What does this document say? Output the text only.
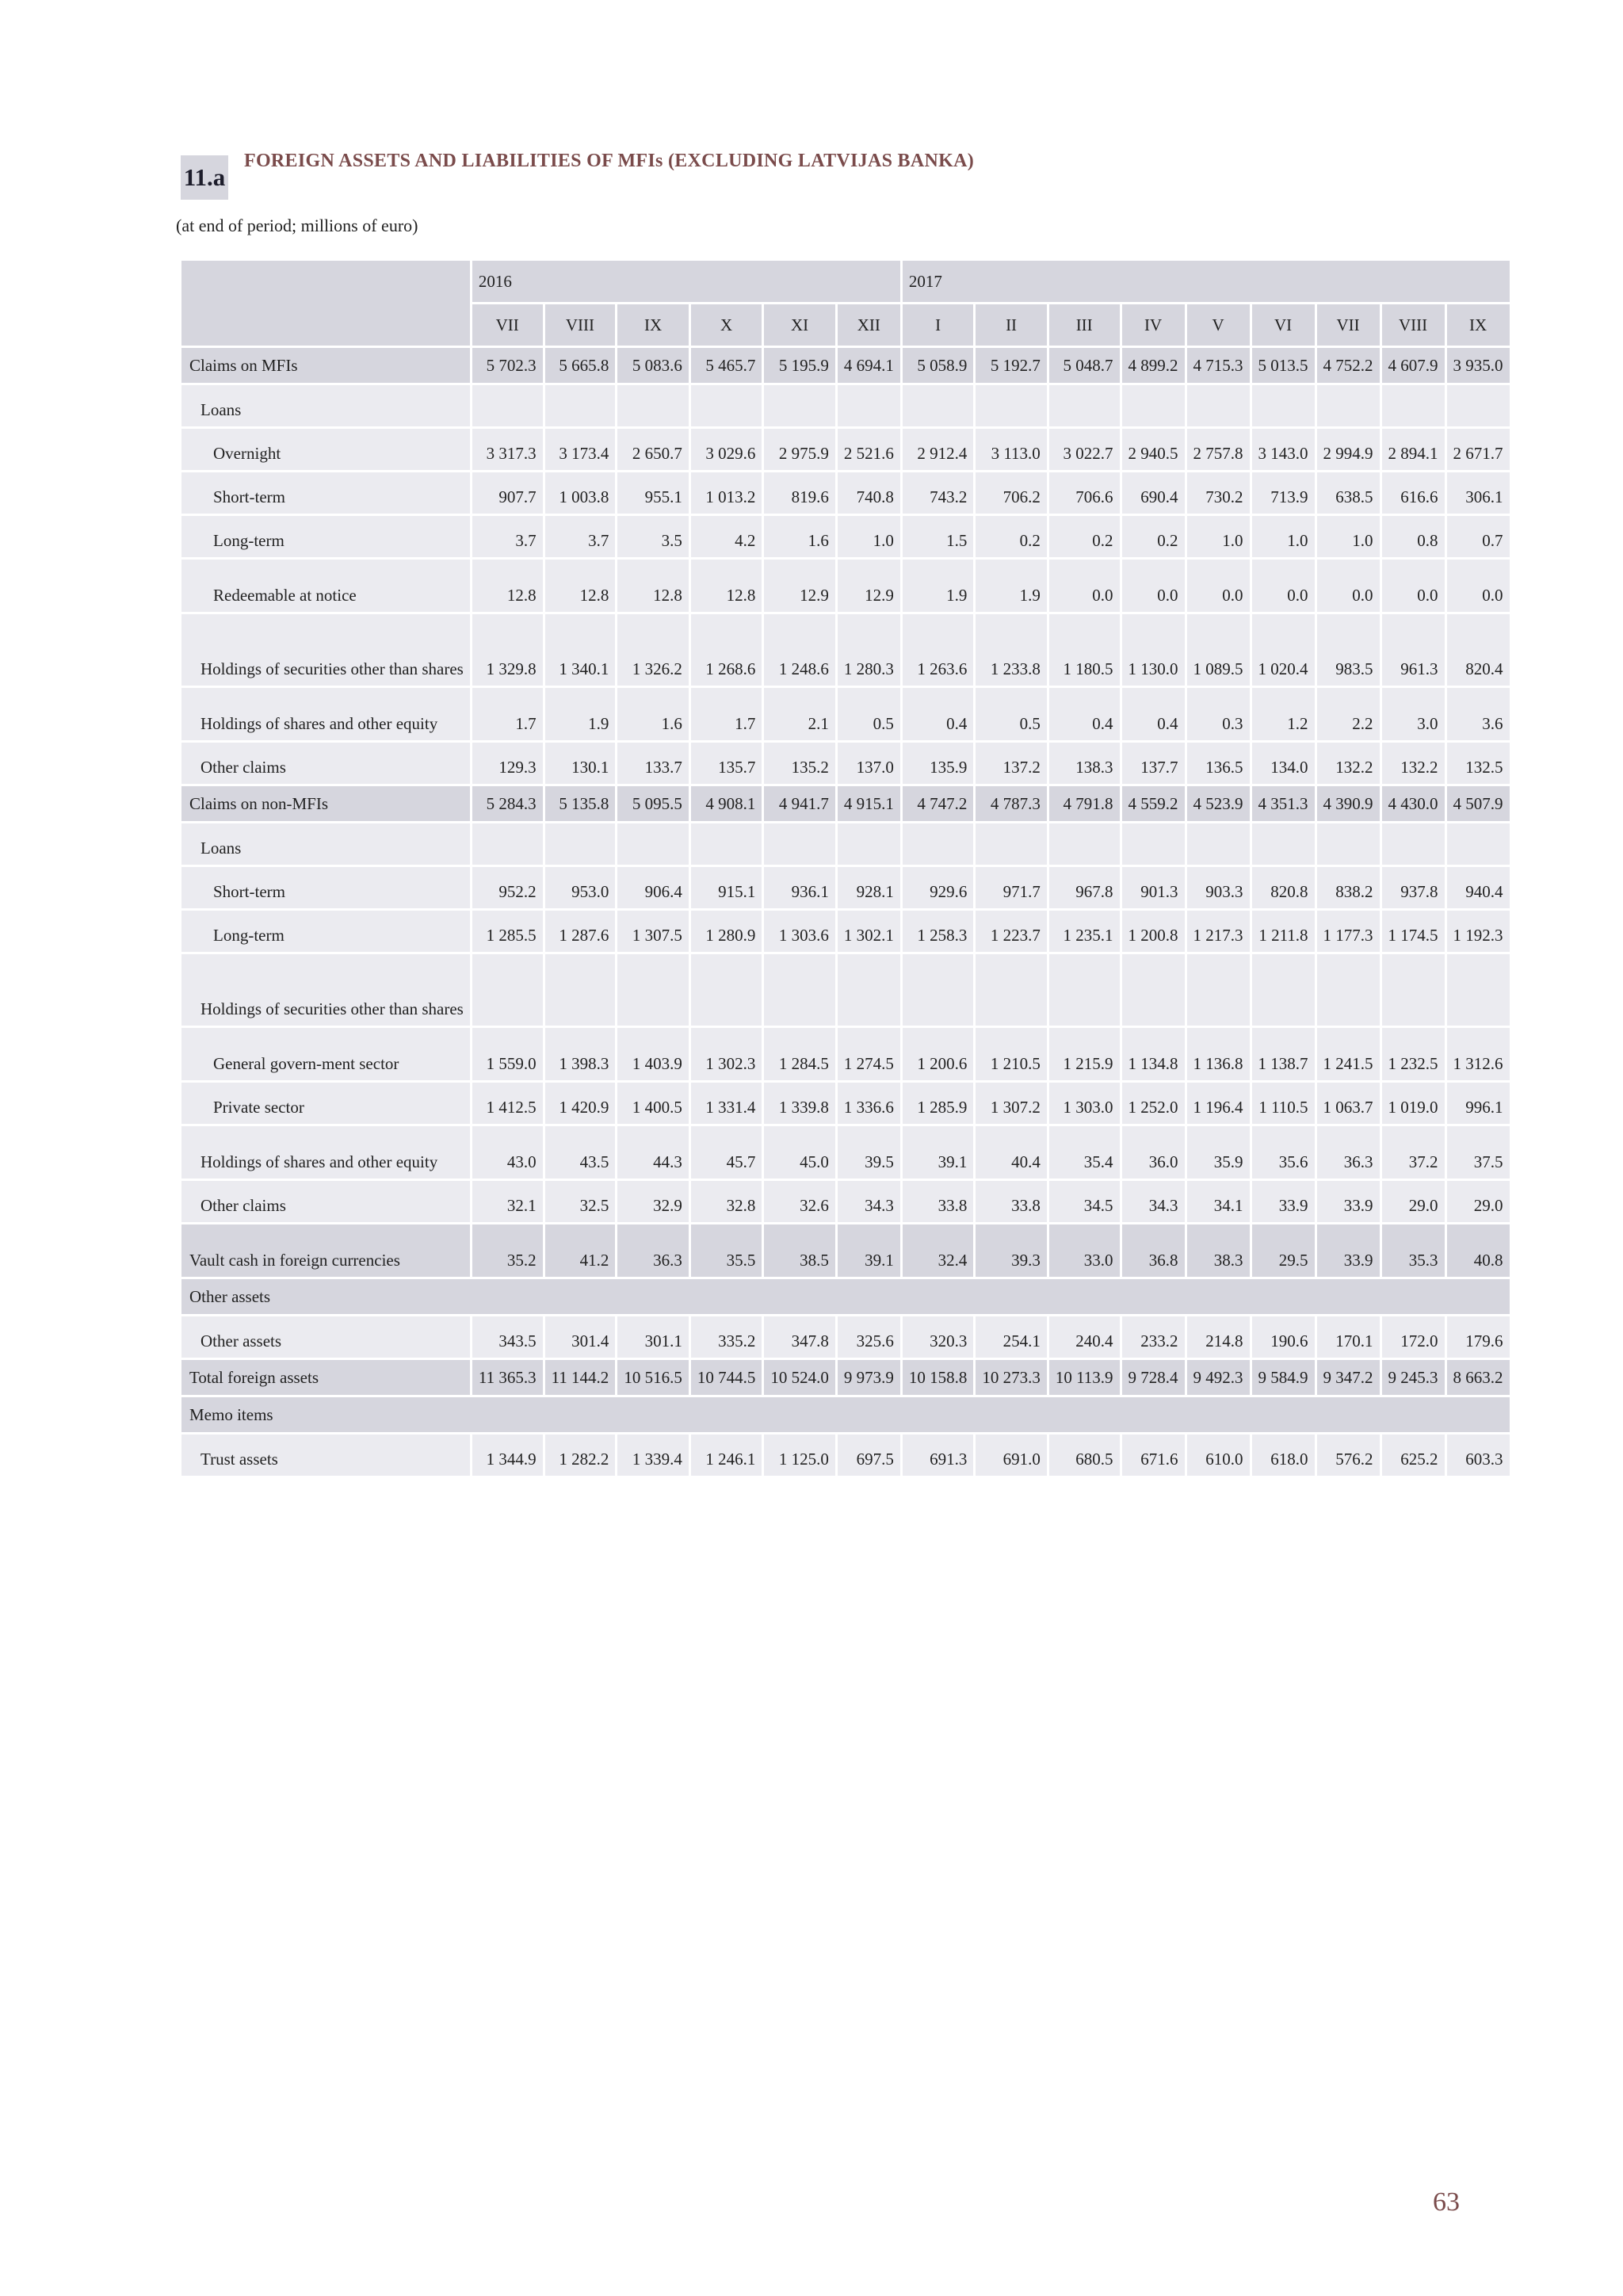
11.a
FOREIGN ASSETS AND LIABILITIES OF MFIs (EXCLUDING LATVIJAS BANKA)
(at end of period; millions of euro)
	2016						2017								
	VII	VIII	IX	X	XI	XII	I	II	III	IV	V	VI	VII	VIII	IX
Claims on MFIs	5 702.3	5 665.8	5 083.6	5 465.7	5 195.9	4 694.1	5 058.9	5 192.7	5 048.7	4 899.2	4 715.3	5 013.5	4 752.2	4 607.9	3 935.0
Loans															
Overnight	3 317.3	3 173.4	2 650.7	3 029.6	2 975.9	2 521.6	2 912.4	3 113.0	3 022.7	2 940.5	2 757.8	3 143.0	2 994.9	2 894.1	2 671.7
Short-term	907.7	1 003.8	955.1	1 013.2	819.6	740.8	743.2	706.2	706.6	690.4	730.2	713.9	638.5	616.6	306.1
Long-term	3.7	3.7	3.5	4.2	1.6	1.0	1.5	0.2	0.2	0.2	1.0	1.0	1.0	0.8	0.7
Redeemable at notice	12.8	12.8	12.8	12.8	12.9	12.9	1.9	1.9	0.0	0.0	0.0	0.0	0.0	0.0	0.0
Holdings of securities other than shares	1 329.8	1 340.1	1 326.2	1 268.6	1 248.6	1 280.3	1 263.6	1 233.8	1 180.5	1 130.0	1 089.5	1 020.4	983.5	961.3	820.4
Holdings of shares and other equity	1.7	1.9	1.6	1.7	2.1	0.5	0.4	0.5	0.4	0.4	0.3	1.2	2.2	3.0	3.6
Other claims	129.3	130.1	133.7	135.7	135.2	137.0	135.9	137.2	138.3	137.7	136.5	134.0	132.2	132.2	132.5
Claims on non-MFIs	5 284.3	5 135.8	5 095.5	4 908.1	4 941.7	4 915.1	4 747.2	4 787.3	4 791.8	4 559.2	4 523.9	4 351.3	4 390.9	4 430.0	4 507.9
Loans															
Short-term	952.2	953.0	906.4	915.1	936.1	928.1	929.6	971.7	967.8	901.3	903.3	820.8	838.2	937.8	940.4
Long-term	1 285.5	1 287.6	1 307.5	1 280.9	1 303.6	1 302.1	1 258.3	1 223.7	1 235.1	1 200.8	1 217.3	1 211.8	1 177.3	1 174.5	1 192.3
Holdings of securities other than shares															
General govern-ment sector	1 559.0	1 398.3	1 403.9	1 302.3	1 284.5	1 274.5	1 200.6	1 210.5	1 215.9	1 134.8	1 136.8	1 138.7	1 241.5	1 232.5	1 312.6
Private sector	1 412.5	1 420.9	1 400.5	1 331.4	1 339.8	1 336.6	1 285.9	1 307.2	1 303.0	1 252.0	1 196.4	1 110.5	1 063.7	1 019.0	996.1
Holdings of shares and other equity	43.0	43.5	44.3	45.7	45.0	39.5	39.1	40.4	35.4	36.0	35.9	35.6	36.3	37.2	37.5
Other claims	32.1	32.5	32.9	32.8	32.6	34.3	33.8	33.8	34.5	34.3	34.1	33.9	33.9	29.0	29.0
Vault cash in foreign currencies	35.2	41.2	36.3	35.5	38.5	39.1	32.4	39.3	33.0	36.8	38.3	29.5	33.9	35.3	40.8
Other assets															
Other assets	343.5	301.4	301.1	335.2	347.8	325.6	320.3	254.1	240.4	233.2	214.8	190.6	170.1	172.0	179.6
Total foreign assets	11 365.3	11 144.2	10 516.5	10 744.5	10 524.0	9 973.9	10 158.8	10 273.3	10 113.9	9 728.4	9 492.3	9 584.9	9 347.2	9 245.3	8 663.2
Memo items															
Trust assets	1 344.9	1 282.2	1 339.4	1 246.1	1 125.0	697.5	691.3	691.0	680.5	671.6	610.0	618.0	576.2	625.2	603.3
63
